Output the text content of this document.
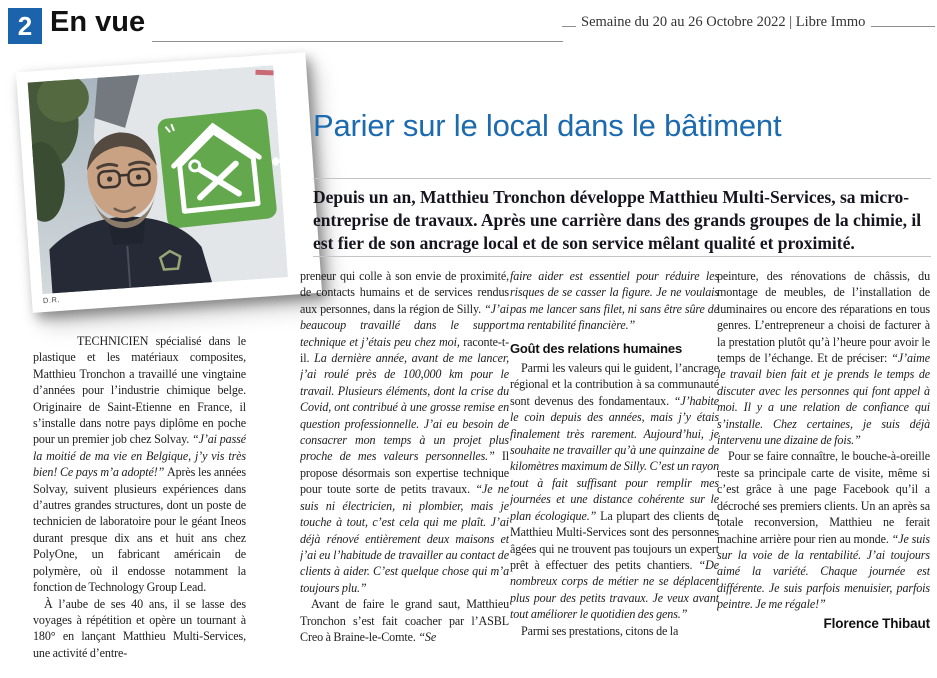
2 En vue	Semaine du 20 au 26 Octobre 2022 | Libre Immo
D.R.
Parier sur le local dans le bâtiment

Depuis un an, Matthieu Tronchon développe Matthieu Multi-Services, sa micro-entreprise de travaux. Après une carrière dans des grands groupes de la chimie, il est fier de son ancrage local et de son service mêlant qualité et proximité.

TECHNICIEN spécialisé dans le plastique et les matériaux composites, Matthieu Tronchon a travaillé une vingtaine d’années pour l’industrie chimique belge. Originaire de Saint-Etienne en France, il s’installe dans notre pays diplôme en poche pour un premier job chez Solvay. “J’ai passé la moitié de ma vie en Belgique, j’y vis très bien! Ce pays m’a adopté!” Après les années Solvay, suivent plusieurs expériences dans d’autres grandes structures, dont un poste de technicien de laboratoire pour le géant Ineos durant presque dix ans et huit ans chez PolyOne, un fabricant américain de polymère, où il endosse notamment la fonction de Technology Group Lead.

À l’aube de ses 40 ans, il se lasse des voyages à répétition et opère un tournant à 180° en lançant Matthieu Multi-Services, une activité d’entre-

preneur qui colle à son envie de proximité, de contacts humains et de services rendus aux personnes, dans la région de Silly. “J’ai beaucoup travaillé dans le support technique et j’étais peu chez moi, raconte-t-il. La dernière année, avant de me lancer, j’ai roulé près de 100,000 km pour le travail. Plusieurs éléments, dont la crise du Covid, ont contribué à une grosse remise en question professionnelle. J’ai eu besoin de consacrer mon temps à un projet plus proche de mes valeurs personnelles.” Il propose désormais son expertise technique pour toute sorte de petits travaux. “Je ne suis ni électricien, ni plombier, mais je touche à tout, c’est cela qui me plaît. J’ai déjà rénové entièrement deux maisons et j’ai eu l’habitude de travailler au contact de clients à aider. C’est quelque chose qui m’a toujours plu.”

Avant de faire le grand saut, Matthieu Tronchon s’est fait coacher par l’ASBL Creo à Braine-le-Comte. “Se

faire aider est essentiel pour réduire les risques de se casser la figure. Je ne voulais pas me lancer sans filet, ni sans être sûre de ma rentabilité financière.”

Goût des relations humaines

Parmi les valeurs qui le guident, l’ancrage régional et la contribution à sa communauté sont devenus des fondamentaux. “J’habite le coin depuis des années, mais j’y étais finalement très rarement. Aujourd’hui, je souhaite ne travailler qu’à une quinzaine de kilomètres maximum de Silly. C’est un rayon tout à fait suffisant pour remplir mes journées et une distance cohérente sur le plan écologique.” La plupart des clients de Matthieu Multi-Services sont des personnes âgées qui ne trouvent pas toujours un expert prêt à effectuer des petits chantiers. “De nombreux corps de métier ne se déplacent plus pour des petits travaux. Je veux avant tout améliorer le quotidien des gens.”

Parmi ses prestations, citons de la

peinture, des rénovations de châssis, du montage de meubles, de l’installation de luminaires ou encore des réparations en tous genres. L’entrepreneur a choisi de facturer à la prestation plutôt qu’à l’heure pour avoir le temps de l’échange. Et de préciser: “J’aime le travail bien fait et je prends le temps de discuter avec les personnes qui font appel à moi. Il y a une relation de confiance qui s’installe. Chez certaines, je suis déjà intervenu une dizaine de fois.”

Pour se faire connaître, le bouche-à-oreille reste sa principale carte de visite, même si c’est grâce à une page Facebook qu’il a décroché ses premiers clients. Un an après sa totale reconversion, Matthieu ne ferait machine arrière pour rien au monde. “Je suis sur la voie de la rentabilité. J’ai toujours aimé la variété. Chaque journée est différente. Je suis parfois menuisier, parfois peintre. Je me régale!”

Florence Thibaut
